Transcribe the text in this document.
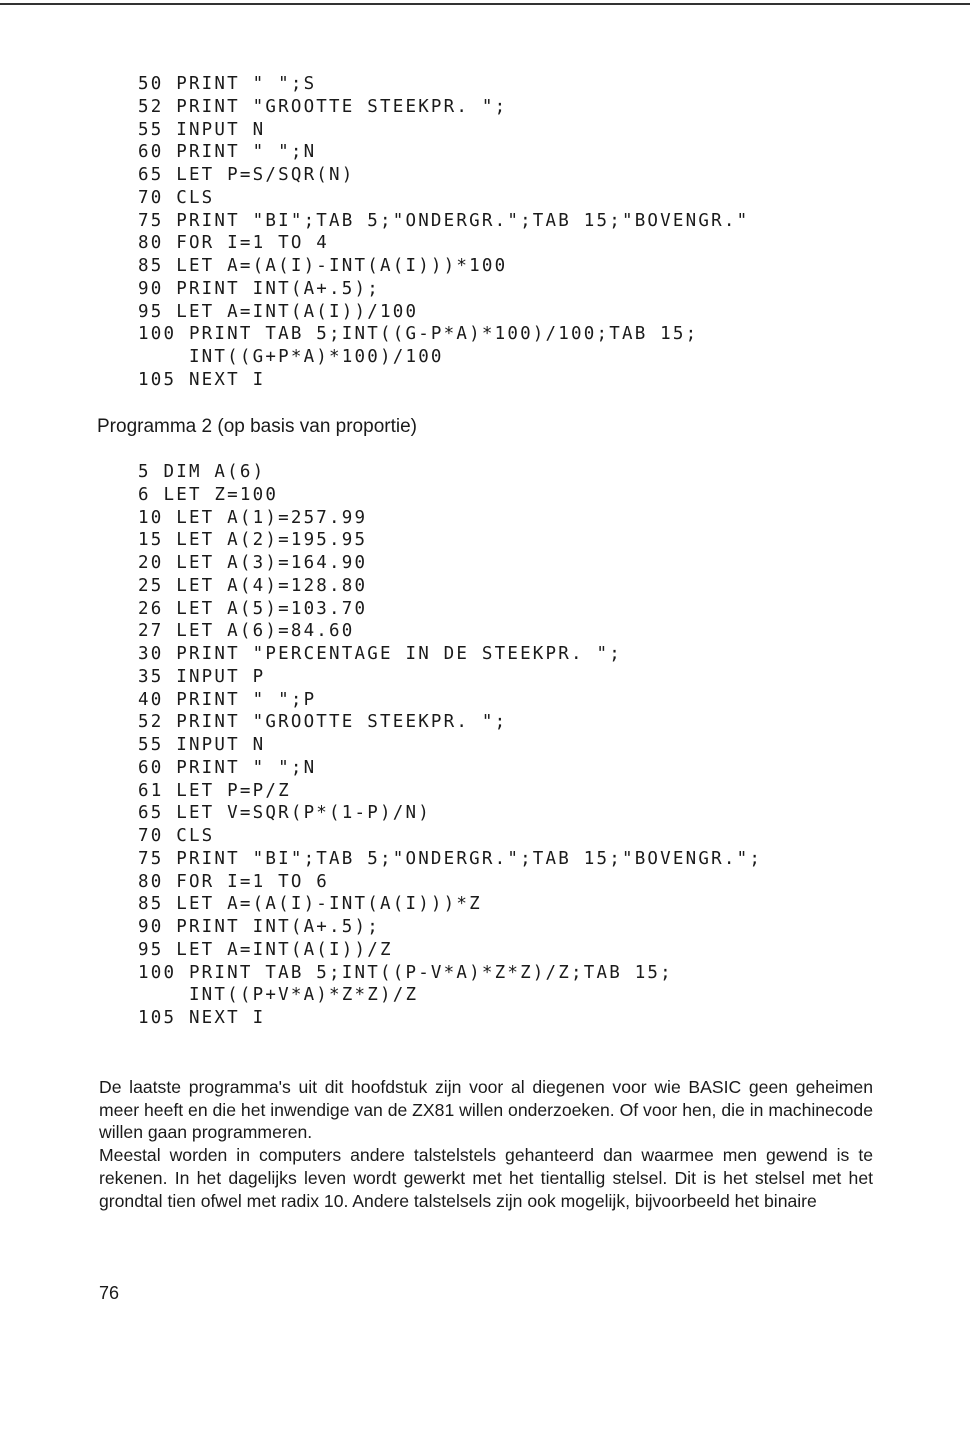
50 PRINT " ";S
52 PRINT "GROOTTE STEEKPR. ";
55 INPUT N
60 PRINT " ";N
65 LET P=S/SQR(N)
70 CLS
75 PRINT "BI";TAB 5;"ONDERGR.";TAB 15;"BOVENGR."
80 FOR I=1 TO 4
85 LET A=(A(I)-INT(A(I)))*100
90 PRINT INT(A+.5);
95 LET A=INT(A(I))/100
100 PRINT TAB 5;INT((G-P*A)*100)/100;TAB 15;
INT((G+P*A)*100)/100
105 NEXT I
Programma 2 (op basis van proportie)
5 DIM A(6)
6 LET Z=100
10 LET A(1)=257.99
15 LET A(2)=195.95
20 LET A(3)=164.90
25 LET A(4)=128.80
26 LET A(5)=103.70
27 LET A(6)=84.60
30 PRINT "PERCENTAGE IN DE STEEKPR. ";
35 INPUT P
40 PRINT " ";P
52 PRINT "GROOTTE STEEKPR. ";
55 INPUT N
60 PRINT " ";N
61 LET P=P/Z
65 LET V=SQR(P*(1-P)/N)
70 CLS
75 PRINT "BI";TAB 5;"ONDERGR.";TAB 15;"BOVENGR.";
80 FOR I=1 TO 6
85 LET A=(A(I)-INT(A(I)))*Z
90 PRINT INT(A+.5);
95 LET A=INT(A(I))/Z
100 PRINT TAB 5;INT((P-V*A)*Z*Z)/Z;TAB 15;
INT((P+V*A)*Z*Z)/Z
105 NEXT I

De laatste programma's uit dit hoofdstuk zijn voor al diegenen voor wie BASIC geen geheimen meer heeft en die het inwendige van de ZX81 willen onderzoeken. Of voor hen, die in machinecode willen gaan programmeren.

Meestal worden in computers andere talstelstels gehanteerd dan waarmee men gewend is te rekenen. In het dagelijks leven wordt gewerkt met het tientallig stelsel. Dit is het stelsel met het grondtal tien ofwel met radix 10. Andere talstelsels zijn ook mogelijk, bijvoorbeeld het binaire

76
